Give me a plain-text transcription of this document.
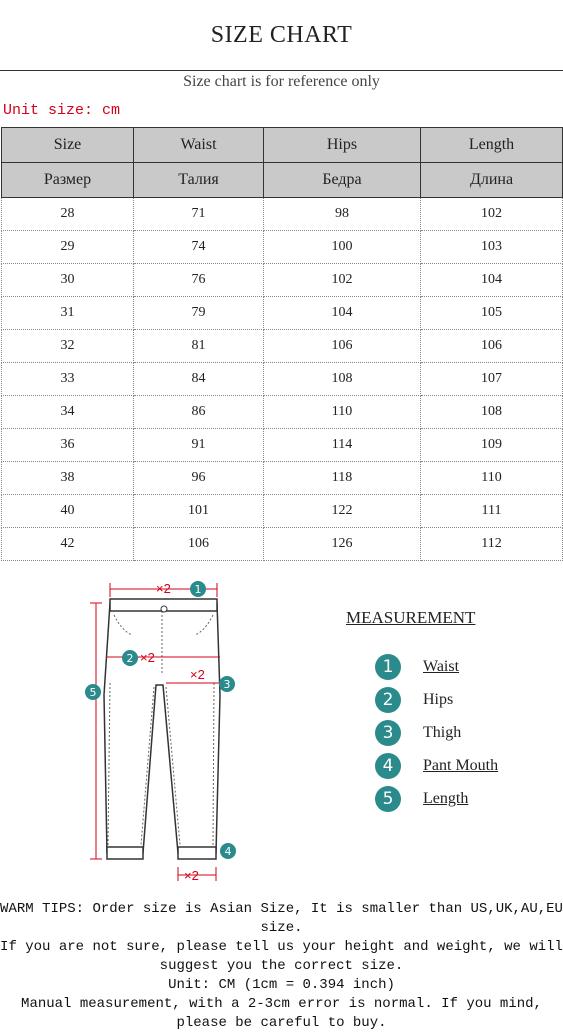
SIZE CHART
Size chart is for reference only
Unit size: cm
Size	Waist	Hips	Length
Размер	Талия	Бедра	Длина
28	71	98	102
29	74	100	103
30	76	102	104
31	79	104	105
32	81	106	106
33	84	108	107
34	86	110	108
36	91	114	109
38	96	118	110
40	101	122	111
42	106	126	112
×2
×2
×2
×2
1
2
3
4
5
MEASUREMENT
1	Waist
2	Hips
3	Thigh
4	Pant Mouth
5	Length
WARM TIPS: Order size is Asian Size, It is smaller than US,UK,AU,EU size.
If you are not sure, please tell us your height and weight, we will suggest you the correct size.
Unit: CM (1cm = 0.394 inch)
Manual measurement, with a 2-3cm error is normal. If you mind, please be careful to buy.
